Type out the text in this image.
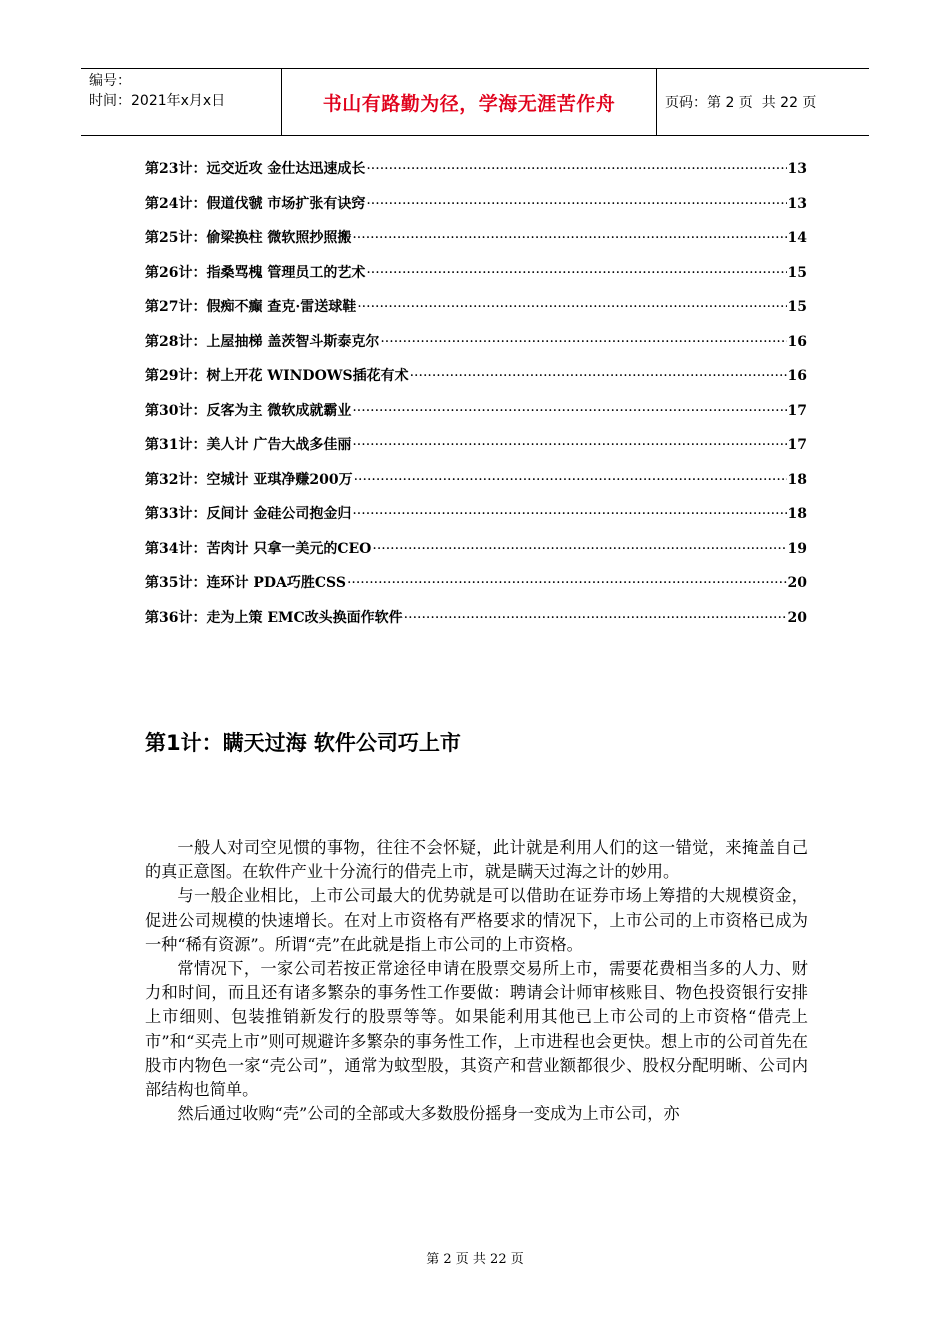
编号：
时间：2021年x月x日	书山有路勤为径，学海无涯苦作舟	页码：第 2 页  共 22 页
第23计：远交近攻 金仕达迅速成长 ·····	13
第24计：假道伐虢 市场扩张有诀窍 ·····	13
第25计：偷梁换柱 微软照抄照搬 ·····	14
第26计：指桑骂槐 管理员工的艺术 ·····	15
第27计：假痴不癫 查克·雷送球鞋 ·····	15
第28计：上屋抽梯 盖茨智斗斯泰克尔 ·····	16
第29计：树上开花 WINDOWS插花有术 ·····	16
第30计：反客为主 微软成就霸业 ·····	17
第31计：美人计 广告大战多佳丽 ·····	17
第32计：空城计 亚琪净赚200万 ·····	18
第33计：反间计 金硅公司抱金归 ·····	18
第34计：苦肉计 只拿一美元的CEO ·····	19
第35计：连环计 PDA巧胜CSS ·····	20
第36计：走为上策 EMC改头换面作软件 ·····	20
第1计：瞒天过海 软件公司巧上市

一般人对司空见惯的事物，往往不会怀疑，此计就是利用人们的这一错觉，来掩盖自己的真正意图。在软件产业十分流行的借壳上市，就是瞒天过海之计的妙用。

与一般企业相比，上市公司最大的优势就是可以借助在证券市场上筹措的大规模资金，促进公司规模的快速增长。在对上市资格有严格要求的情况下，上市公司的上市资格已成为一种“稀有资源”。所谓“壳”在此就是指上市公司的上市资格。

常情况下，一家公司若按正常途径申请在股票交易所上市，需要花费相当多的人力、财力和时间，而且还有诸多繁杂的事务性工作要做：聘请会计师审核账目、物色投资银行安排上市细则、包装推销新发行的股票等等。如果能利用其他已上市公司的上市资格“借壳上市”和“买壳上市”则可规避许多繁杂的事务性工作，上市进程也会更快。想上市的公司首先在股市内物色一家“壳公司”，通常为蚊型股，其资产和营业额都很少、股权分配明晰、公司内部结构也简单。

然后通过收购“壳”公司的全部或大多数股份摇身一变成为上市公司，亦

第 2 页 共 22 页
